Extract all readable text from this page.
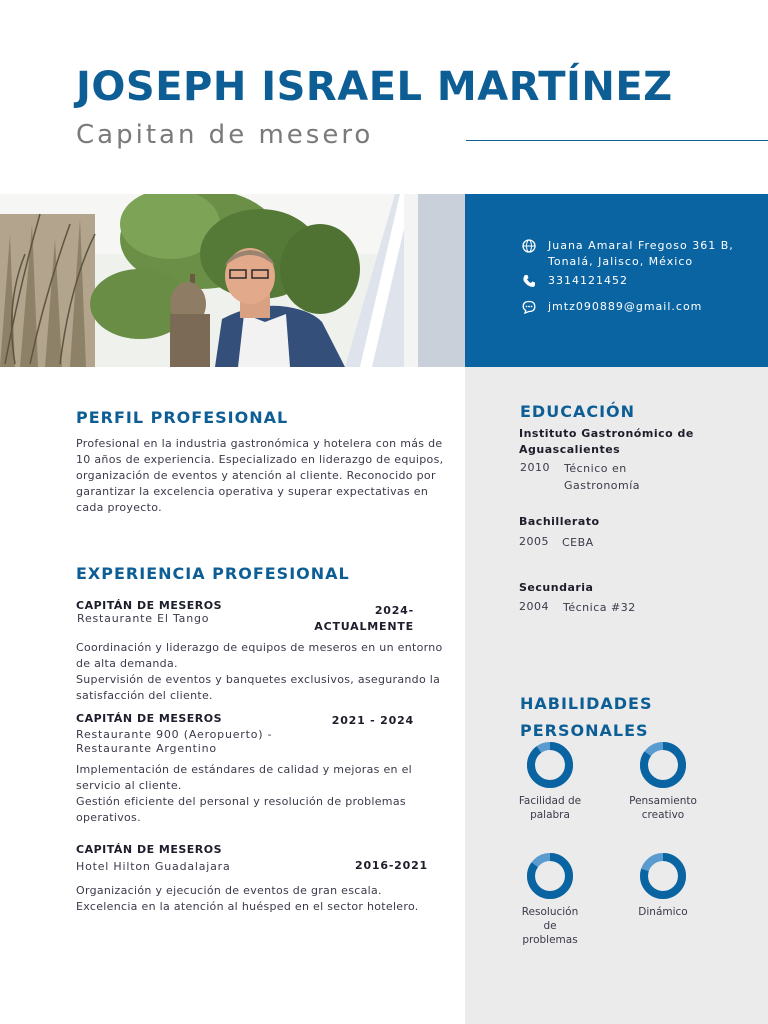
JOSEPH ISRAEL MARTÍNEZ
Capitan de mesero
Juana Amaral Fregoso 361 B, Tonalá, Jalisco, México
3314121452
jmtz090889@gmail.com
PERFIL PROFESIONAL
Profesional en la industria gastronómica y hotelera con más de 10 años de experiencia. Especializado en liderazgo de equipos, organización de eventos y atención al cliente. Reconocido por garantizar la excelencia operativa y superar expectativas en cada proyecto.
EXPERIENCIA PROFESIONAL
CAPITÁN DE MESEROS
Restaurante El Tango
2024- ACTUALMENTE
Coordinación y liderazgo de equipos de meseros en un entorno de alta demanda.
Supervisión de eventos y banquetes exclusivos, asegurando la satisfacción del cliente.
CAPITÁN DE MESEROS	2021 - 2024
Restaurante 900 (Aeropuerto) - Restaurante Argentino
Implementación de estándares de calidad y mejoras en el servicio al cliente.
Gestión eficiente del personal y resolución de problemas operativos.
CAPITÁN DE MESEROS
Hotel Hilton Guadalajara	2016-2021
Organización y ejecución de eventos de gran escala.
Excelencia en la atención al huésped en el sector hotelero.
EDUCACIÓN
Instituto Gastronómico de Aguascalientes
2010 Técnico en Gastronomía
Bachillerato
2005 CEBA
Secundaria
2004 Técnica #32
HABILIDADES PERSONALES
Facilidad de palabra
Pensamiento creativo
Resolución de problemas
Dinámico
